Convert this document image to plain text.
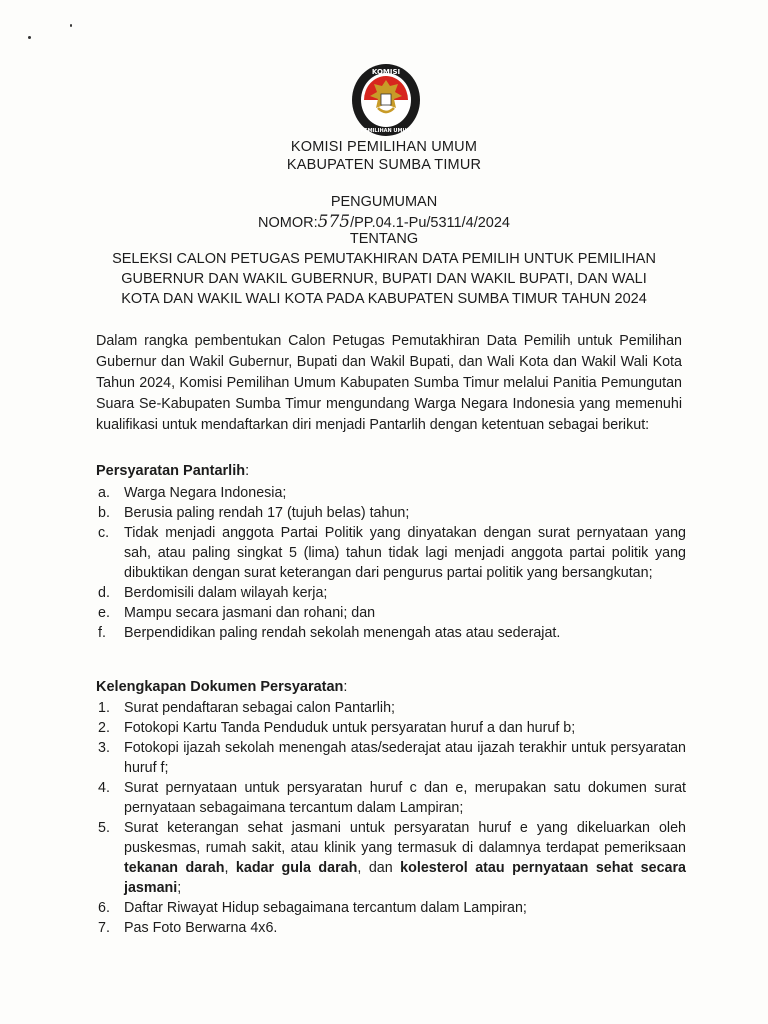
KOMISI
PEMILIHAN UMUM
KOMISI PEMILIHAN UMUM
KABUPATEN SUMBA TIMUR
PENGUMUMAN
NOMOR:575/PP.04.1-Pu/5311/4/2024
TENTANG
SELEKSI CALON PETUGAS PEMUTAKHIRAN DATA PEMILIH UNTUK PEMILIHAN
GUBERNUR DAN WAKIL GUBERNUR, BUPATI DAN WAKIL BUPATI, DAN WALI
KOTA DAN WAKIL WALI KOTA PADA KABUPATEN SUMBA TIMUR TAHUN 2024
Dalam rangka pembentukan Calon Petugas Pemutakhiran Data Pemilih untuk Pemilihan Gubernur dan Wakil Gubernur, Bupati dan Wakil Bupati, dan Wali Kota dan Wakil Wali Kota Tahun 2024, Komisi Pemilihan Umum Kabupaten Sumba Timur melalui Panitia Pemungutan Suara Se-Kabupaten Sumba Timur mengundang Warga Negara Indonesia yang memenuhi kualifikasi untuk mendaftarkan diri menjadi Pantarlih dengan ketentuan sebagai berikut:
Persyaratan Pantarlih:
a. Warga Negara Indonesia;
b. Berusia paling rendah 17 (tujuh belas) tahun;
c. Tidak menjadi anggota Partai Politik yang dinyatakan dengan surat pernyataan yang sah, atau paling singkat 5 (lima) tahun tidak lagi menjadi anggota partai politik yang dibuktikan dengan surat keterangan dari pengurus partai politik yang bersangkutan;
d. Berdomisili dalam wilayah kerja;
e. Mampu secara jasmani dan rohani; dan
f. Berpendidikan paling rendah sekolah menengah atas atau sederajat.
Kelengkapan Dokumen Persyaratan:
1. Surat pendaftaran sebagai calon Pantarlih;
2. Fotokopi Kartu Tanda Penduduk untuk persyaratan huruf a dan huruf b;
3. Fotokopi ijazah sekolah menengah atas/sederajat atau ijazah terakhir untuk persyaratan huruf f;
4. Surat pernyataan untuk persyaratan huruf c dan e, merupakan satu dokumen surat pernyataan sebagaimana tercantum dalam Lampiran;
5. Surat keterangan sehat jasmani untuk persyaratan huruf e yang dikeluarkan oleh puskesmas, rumah sakit, atau klinik yang termasuk di dalamnya terdapat pemeriksaan tekanan darah, kadar gula darah, dan kolesterol atau pernyataan sehat secara jasmani;
6. Daftar Riwayat Hidup sebagaimana tercantum dalam Lampiran;
7. Pas Foto Berwarna 4x6.
